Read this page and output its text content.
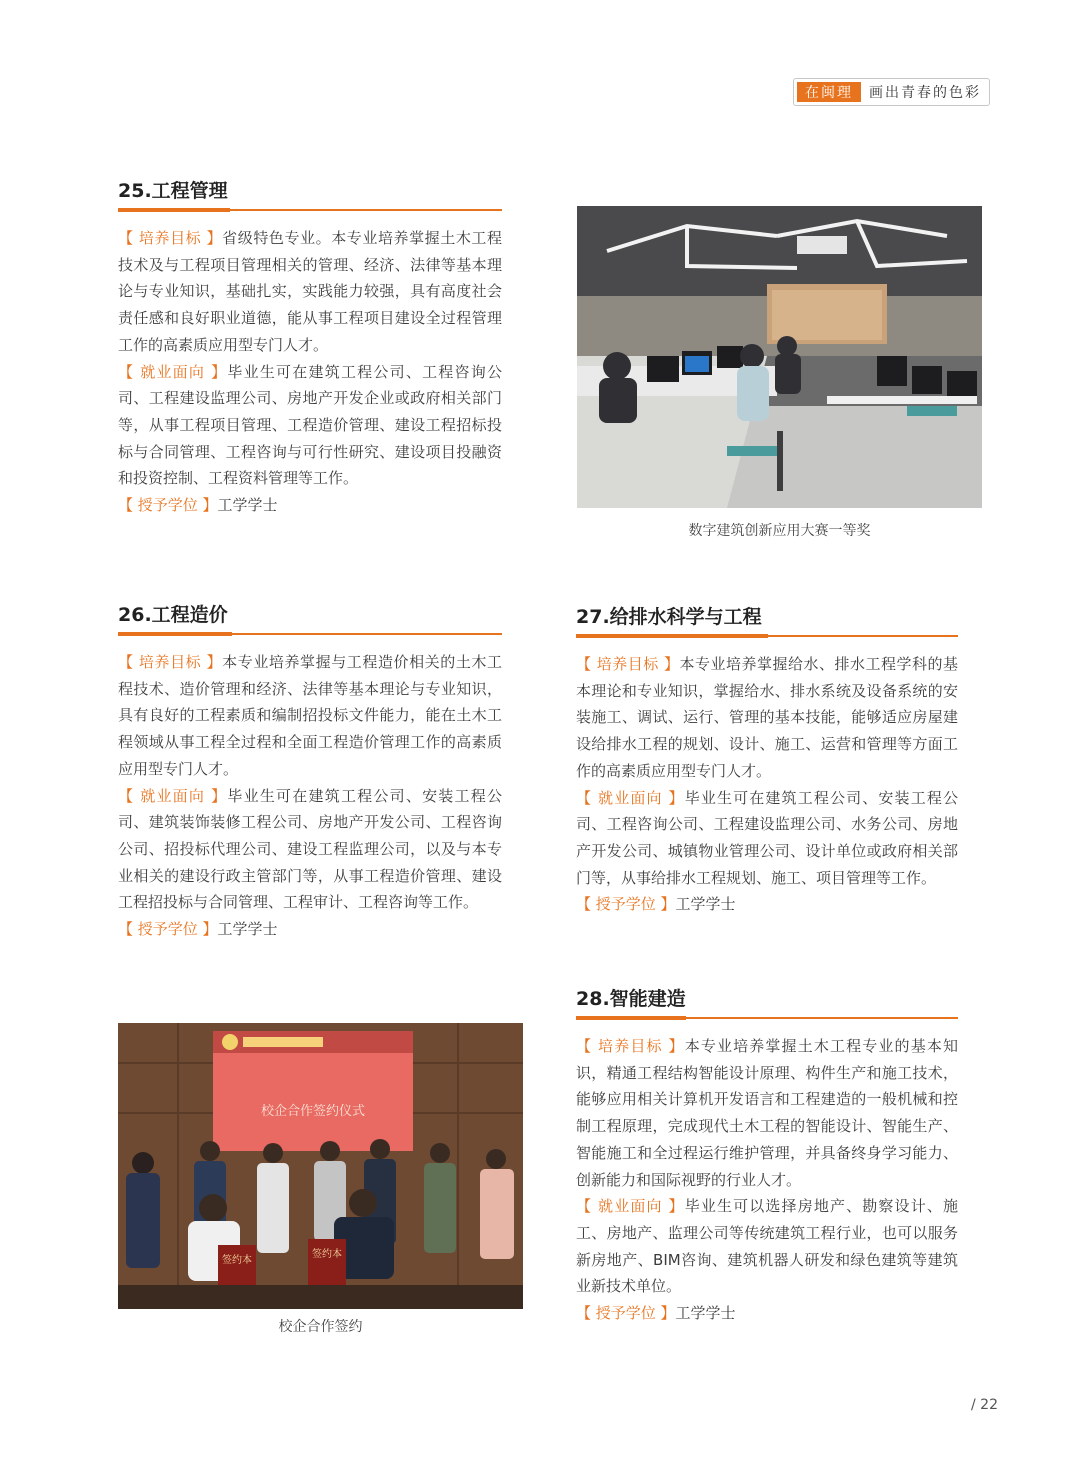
在闽理	画出青春的色彩
25.工程管理

【 培养目标 】省级特色专业。本专业培养掌握土木工程技术及与工程项目管理相关的管理、经济、法律等基本理论与专业知识，基础扎实，实践能力较强，具有高度社会责任感和良好职业道德，能从事工程项目建设全过程管理工作的高素质应用型专门人才。
【 就业面向 】毕业生可在建筑工程公司、工程咨询公司、工程建设监理公司、房地产开发企业或政府相关部门等，从事工程项目管理、工程造价管理、建设工程招标投标与合同管理、工程咨询与可行性研究、建设项目投融资和投资控制、工程资料管理等工作。
【 授予学位 】工学学士

数字建筑创新应用大赛一等奖
26.工程造价

【 培养目标 】本专业培养掌握与工程造价相关的土木工程技术、造价管理和经济、法律等基本理论与专业知识，具有良好的工程素质和编制招投标文件能力，能在土木工程领域从事工程全过程和全面工程造价管理工作的高素质应用型专门人才。
【 就业面向 】毕业生可在建筑工程公司、安装工程公司、建筑装饰装修工程公司、房地产开发公司、工程咨询公司、招投标代理公司、建设工程监理公司，以及与本专业相关的建设行政主管部门等，从事工程造价管理、建设工程招投标与合同管理、工程审计、工程咨询等工作。
【 授予学位 】工学学士

27.给排水科学与工程

【 培养目标 】本专业培养掌握给水、排水工程学科的基本理论和专业知识，掌握给水、排水系统及设备系统的安装施工、调试、运行、管理的基本技能，能够适应房屋建设给排水工程的规划、设计、施工、运营和管理等方面工作的高素质应用型专门人才。
【 就业面向 】毕业生可在建筑工程公司、安装工程公司、工程咨询公司、工程建设监理公司、水务公司、房地产开发公司、城镇物业管理公司、设计单位或政府相关部门等，从事给排水工程规划、施工、项目管理等工作。
【 授予学位 】工学学士

28.智能建造

【 培养目标 】本专业培养掌握土木工程专业的基本知识，精通工程结构智能设计原理、构件生产和施工技术，能够应用相关计算机开发语言和工程建造的一般机械和控制工程原理，完成现代土木工程的智能设计、智能生产、智能施工和全过程运行维护管理，并具备终身学习能力、创新能力和国际视野的行业人才。
【 就业面向 】毕业生可以选择房地产、勘察设计、施工、房地产、监理公司等传统建筑工程行业，也可以服务新房地产、BIM咨询、建筑机器人研发和绿色建筑等建筑业新技术单位。
【 授予学位 】工学学士

校企合作签约仪式
签约本
签约本
校企合作签约
/ 22
